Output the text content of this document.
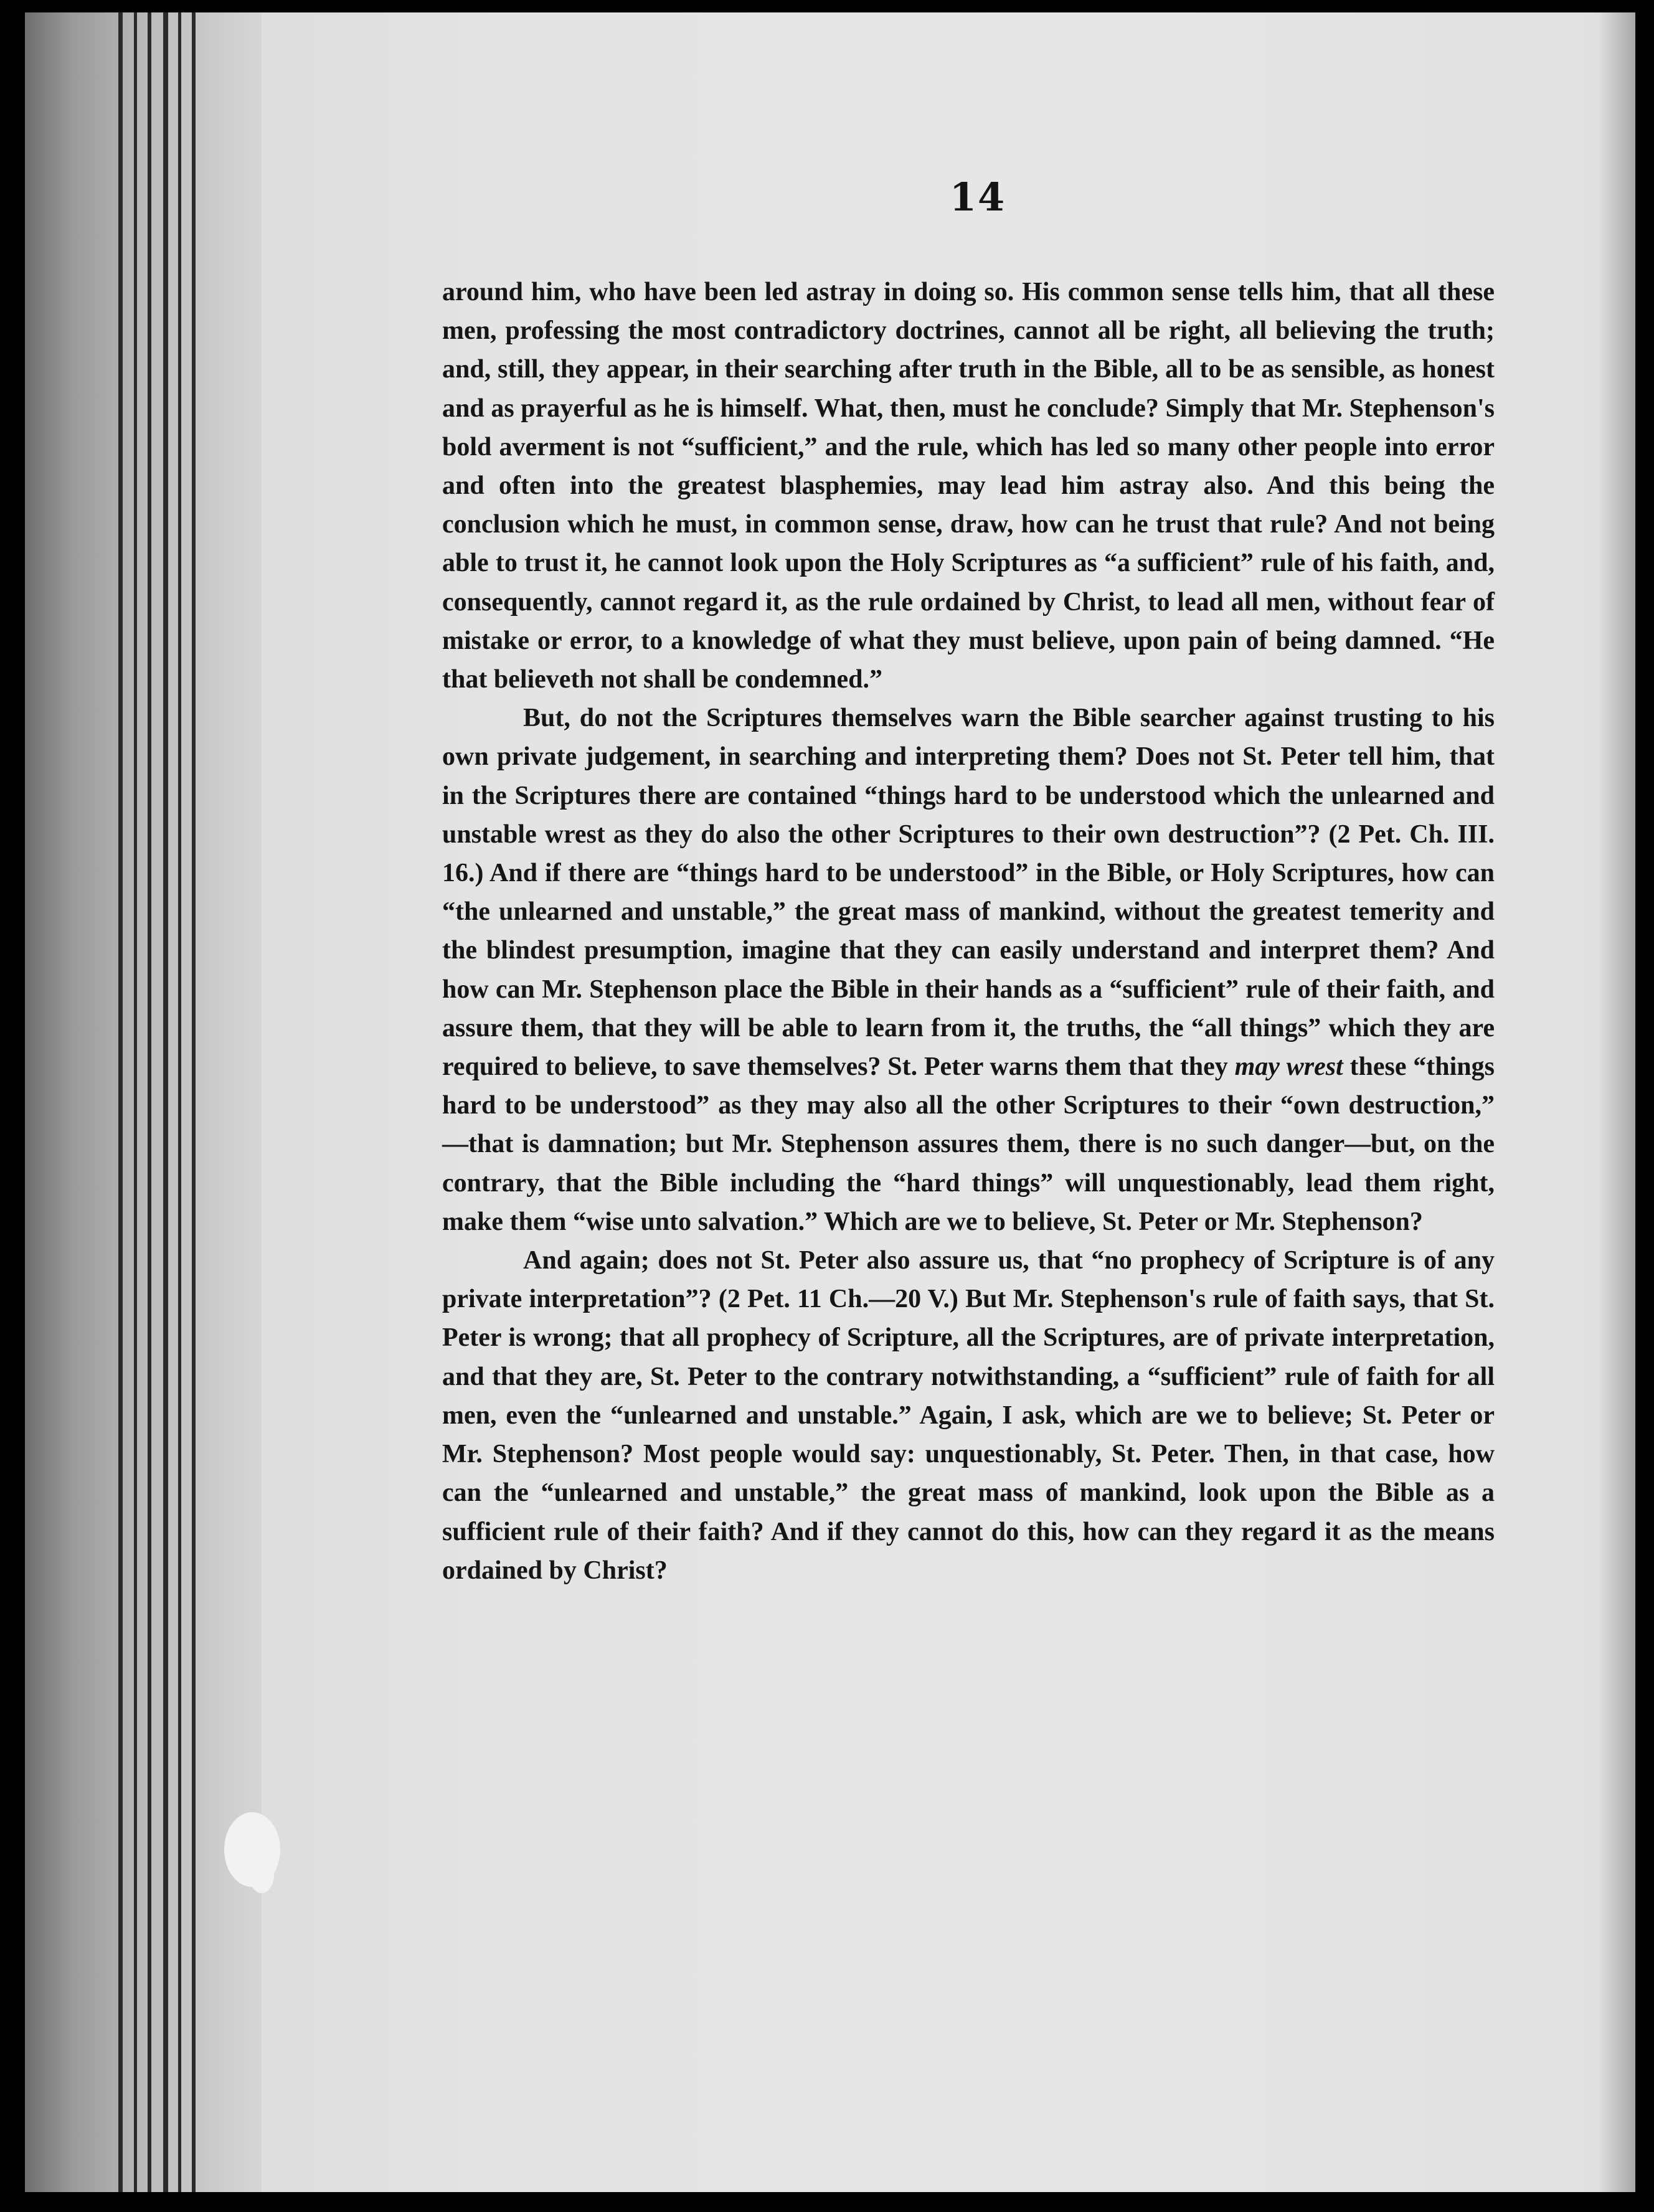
14

around him, who have been led astray in doing so. His common sense tells him, that all these men, professing the most contradictory doctrines, cannot all be right, all believing the truth; and, still, they appear, in their searching after truth in the Bible, all to be as sensible, as honest and as prayerful as he is himself. What, then, must he conclude? Simply that Mr. Stephenson's bold averment is not “sufficient,” and the rule, which has led so many other people into error and often into the greatest blasphemies, may lead him astray also. And this being the conclusion which he must, in common sense, draw, how can he trust that rule? And not being able to trust it, he cannot look upon the Holy Scriptures as “a sufficient” rule of his faith, and, consequently, cannot regard it, as the rule ordained by Christ, to lead all men, without fear of mistake or error, to a knowledge of what they must believe, upon pain of being damned. “He that believeth not shall be condemned.”

But, do not the Scriptures themselves warn the Bible searcher against trusting to his own private judgement, in searching and interpreting them? Does not St. Peter tell him, that in the Scriptures there are contained “things hard to be understood which the unlearned and unstable wrest as they do also the other Scriptures to their own destruction”? (2 Pet. Ch. III. 16.) And if there are “things hard to be understood” in the Bible, or Holy Scriptures, how can “the unlearned and unstable,” the great mass of mankind, without the greatest temerity and the blindest presumption, imagine that they can easily understand and interpret them? And how can Mr. Stephenson place the Bible in their hands as a “sufficient” rule of their faith, and assure them, that they will be able to learn from it, the truths, the “all things” which they are required to believe, to save themselves? St. Peter warns them that they may wrest these “things hard to be understood” as they may also all the other Scriptures to their “own destruction,” —that is damnation; but Mr. Stephenson assures them, there is no such danger—but, on the contrary, that the Bible including the “hard things” will unquestionably, lead them right, make them “wise unto salvation.” Which are we to believe, St. Peter or Mr. Stephenson?

And again; does not St. Peter also assure us, that “no prophecy of Scripture is of any private interpretation”? (2 Pet. 11 Ch.—20 V.) But Mr. Stephenson's rule of faith says, that St. Peter is wrong; that all prophecy of Scripture, all the Scriptures, are of private interpretation, and that they are, St. Peter to the contrary notwithstanding, a “sufficient” rule of faith for all men, even the “unlearned and unstable.” Again, I ask, which are we to believe; St. Peter or Mr. Stephenson? Most people would say: unquestionably, St. Peter. Then, in that case, how can the “unlearned and unstable,” the great mass of mankind, look upon the Bible as a sufficient rule of their faith? And if they cannot do this, how can they regard it as the means ordained by Christ?
